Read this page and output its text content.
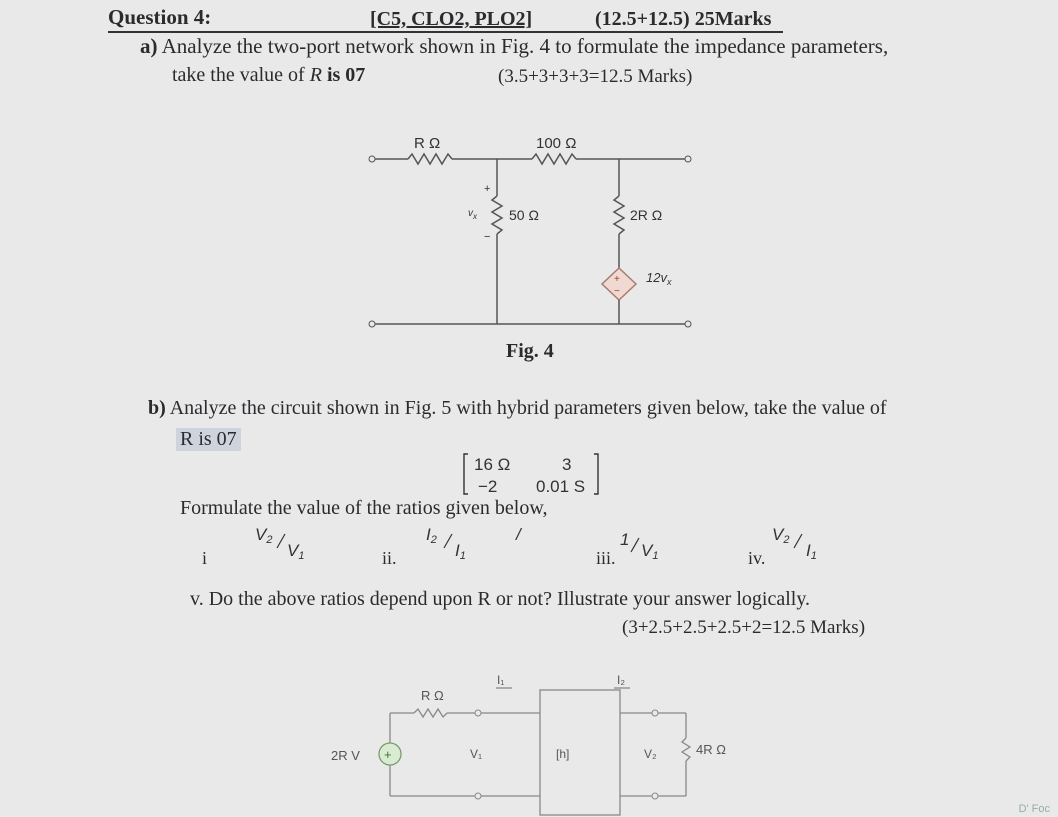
Question 4:	[C5, CLO2, PLO2]	(12.5+12.5) 25Marks
a) Analyze the two-port network shown in Fig. 4 to formulate the impedance parameters,
take the value of R is 07	(3.5+3+3+3=12.5 Marks)
R Ω	100 Ω
50 Ω	2R Ω
+
−
$v_x$
+
−
$12v_x$
Fig. 4
b) Analyze the circuit shown in Fig. 5 with hybrid parameters given below, take the value of
R is 07
16 Ω	3
−2 0.01 S
Formulate the value of the ratios given below,
i	ii.	iii.	iv.
V2
V1
I2
I1
/	1
V1
V2
I1
v. Do the above ratios depend upon R or not? Illustrate your answer logically.
(3+2.5+2.5+2.5+2=12.5 Marks)
+
R Ω
2R V
I₁	I₂
V₁	V₂
[h]	4R Ω
D' Foc
